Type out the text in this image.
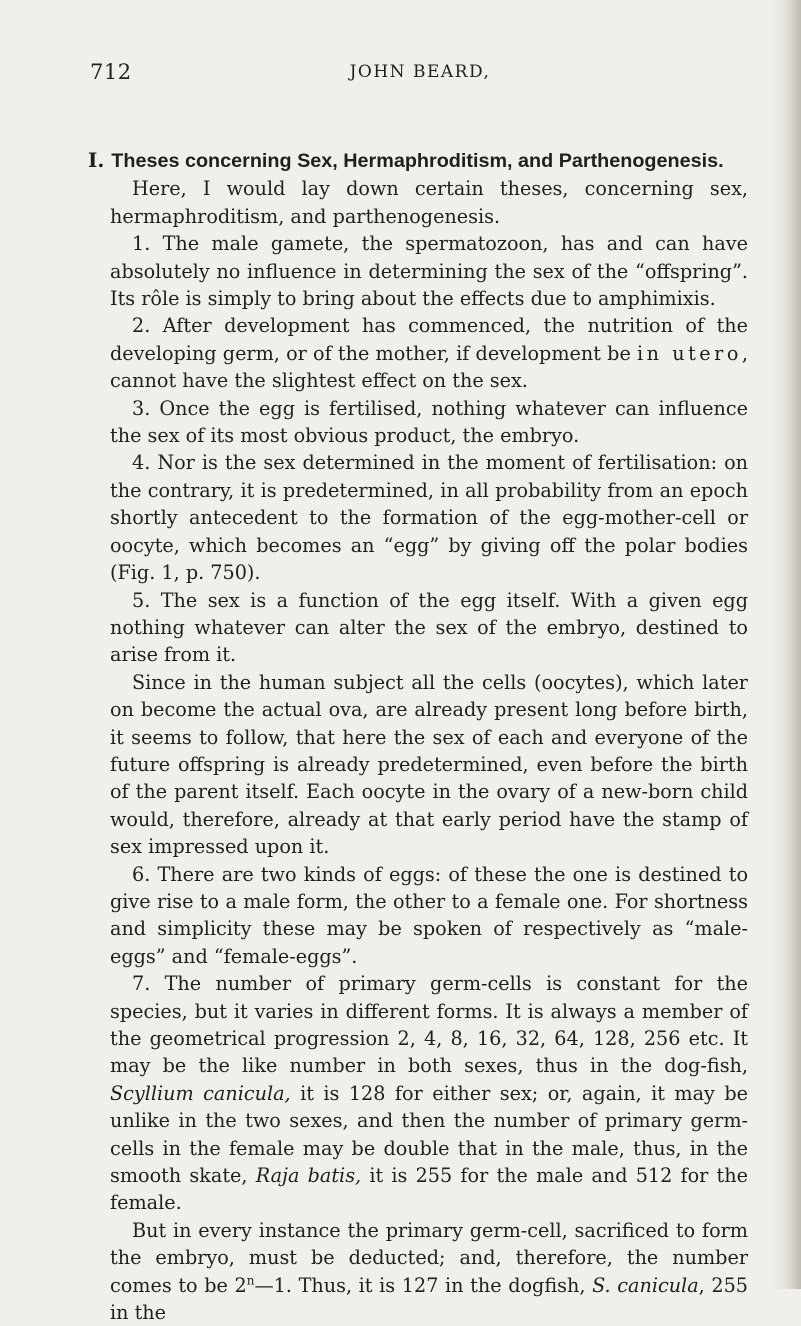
712	JOHN BEARD,

I. Theses concerning Sex, Hermaphroditism, and Parthenogenesis.

Here, I would lay down certain theses, concerning sex, hermaphroditism, and parthenogenesis.

1. The male gamete, the spermatozoon, has and can have absolutely no influence in determining the sex of the “offspring”. Its rôle is simply to bring about the effects due to amphimixis.

2. After development has commenced, the nutrition of the developing germ, or of the mother, if development be in utero, cannot have the slightest effect on the sex.

3. Once the egg is fertilised, nothing whatever can influence the sex of its most obvious product, the embryo.

4. Nor is the sex determined in the moment of fertilisation: on the contrary, it is predetermined, in all probability from an epoch shortly antecedent to the formation of the egg-mother-cell or oocyte, which becomes an “egg” by giving off the polar bodies (Fig. 1, p. 750).

5. The sex is a function of the egg itself. With a given egg nothing whatever can alter the sex of the embryo, destined to arise from it.

Since in the human subject all the cells (oocytes), which later on become the actual ova, are already present long before birth, it seems to follow, that here the sex of each and everyone of the future offspring is already predetermined, even before the birth of the parent itself. Each oocyte in the ovary of a new-born child would, therefore, already at that early period have the stamp of sex impressed upon it.

6. There are two kinds of eggs: of these the one is destined to give rise to a male form, the other to a female one. For shortness and simplicity these may be spoken of respectively as “male-eggs” and “female-eggs”.

7. The number of primary germ-cells is constant for the species, but it varies in different forms. It is always a member of the geometrical progression 2, 4, 8, 16, 32, 64, 128, 256 etc. It may be the like number in both sexes, thus in the dog-fish, Scyllium canicula, it is 128 for either sex; or, again, it may be unlike in the two sexes, and then the number of primary germ-cells in the female may be double that in the male, thus, in the smooth skate, Raja batis, it is 255 for the male and 512 for the female.

But in every instance the primary germ-cell, sacrificed to form the embryo, must be deducted; and, therefore, the number comes to be 2$^n$—1. Thus, it is 127 in the dogfish, S. canicula, 255 in the
